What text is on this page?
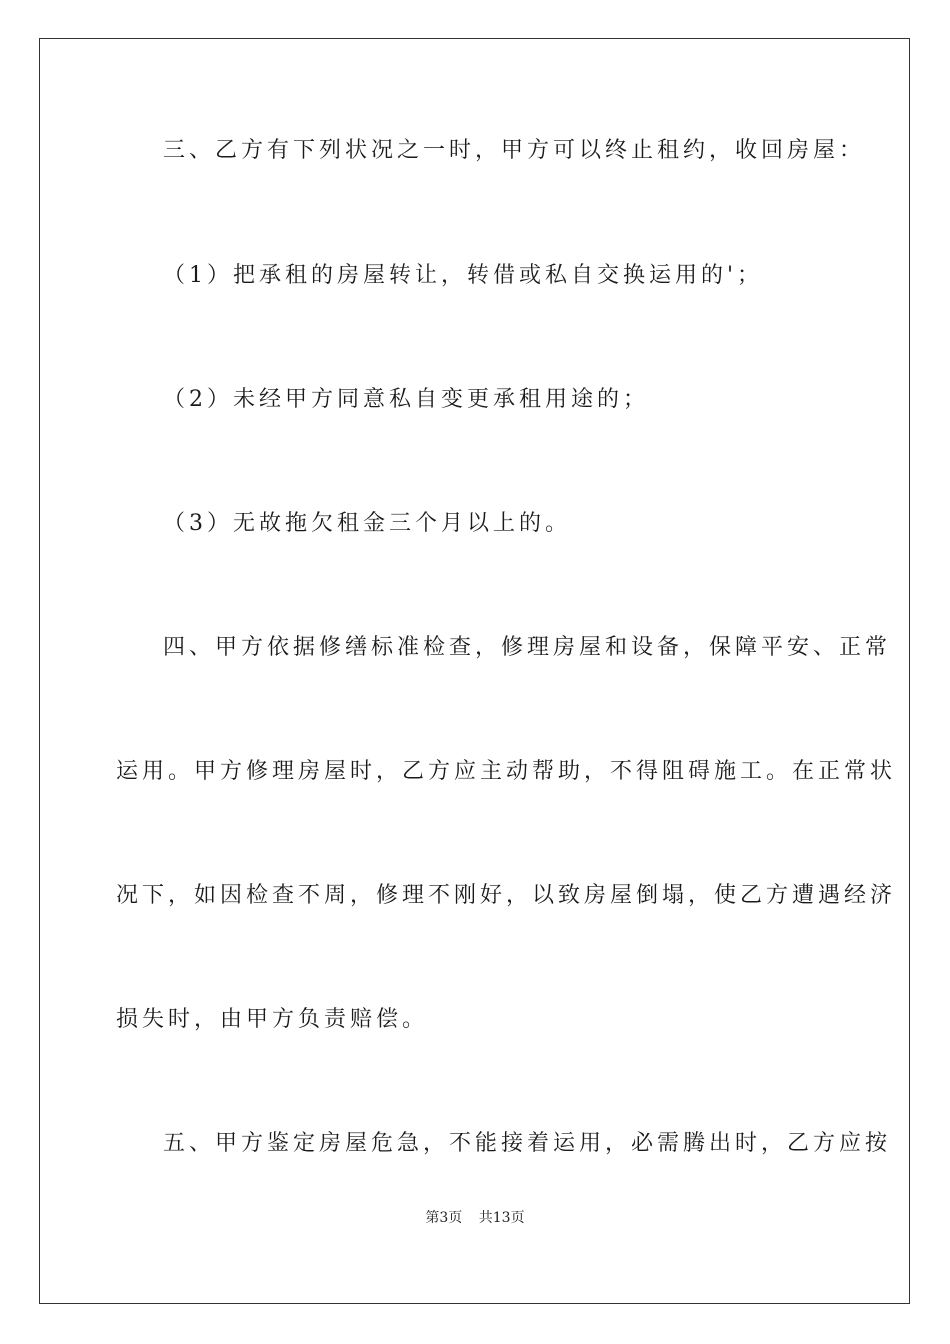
三、乙方有下列状况之一时，甲方可以终止租约，收回房屋：
（1）把承租的房屋转让，转借或私自交换运用的'；
（2）未经甲方同意私自变更承租用途的；
（3）无故拖欠租金三个月以上的。
四、甲方依据修缮标准检查，修理房屋和设备，保障平安、正常
运用。甲方修理房屋时，乙方应主动帮助，不得阻碍施工。在正常状
况下，如因检查不周，修理不刚好，以致房屋倒塌，使乙方遭遇经济
损失时，由甲方负责赔偿。
五、甲方鉴定房屋危急，不能接着运用，必需腾出时，乙方应按
第3页 共13页
